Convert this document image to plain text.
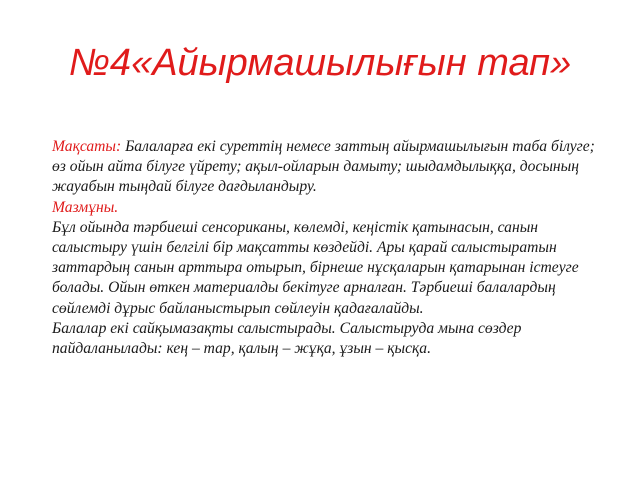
№4«Айырмашылығын тап»

Мақсаты: Балаларға екі суреттің немесе заттың айырмашылығын таба білуге; өз ойын айта білуге үйрету; ақыл-ойларын дамыту; шыдамдылыққа, досының жауабын тыңдай білуге дағдыландыру.

Мазмұны.

Бұл ойында тәрбиеші сенсориканы, көлемді, кеңістік қатынасын, санын салыстыру үшін белгілі бір мақсатты көздейді. Ары қарай салыстыратын заттардың санын арттыра отырып, бірнеше нұсқаларын қатарынан істеуге болады. Ойын өткен материалды бекітуге арналған. Тәрбиеші балалардың сөйлемді дұрыс байланыстырып сөйлеуін қадағалайды.

Балалар екі сайқымазақты салыстырады. Салыстыруда мына сөздер пайдаланылады: кең – тар, қалың – жұқа, ұзын – қысқа.
